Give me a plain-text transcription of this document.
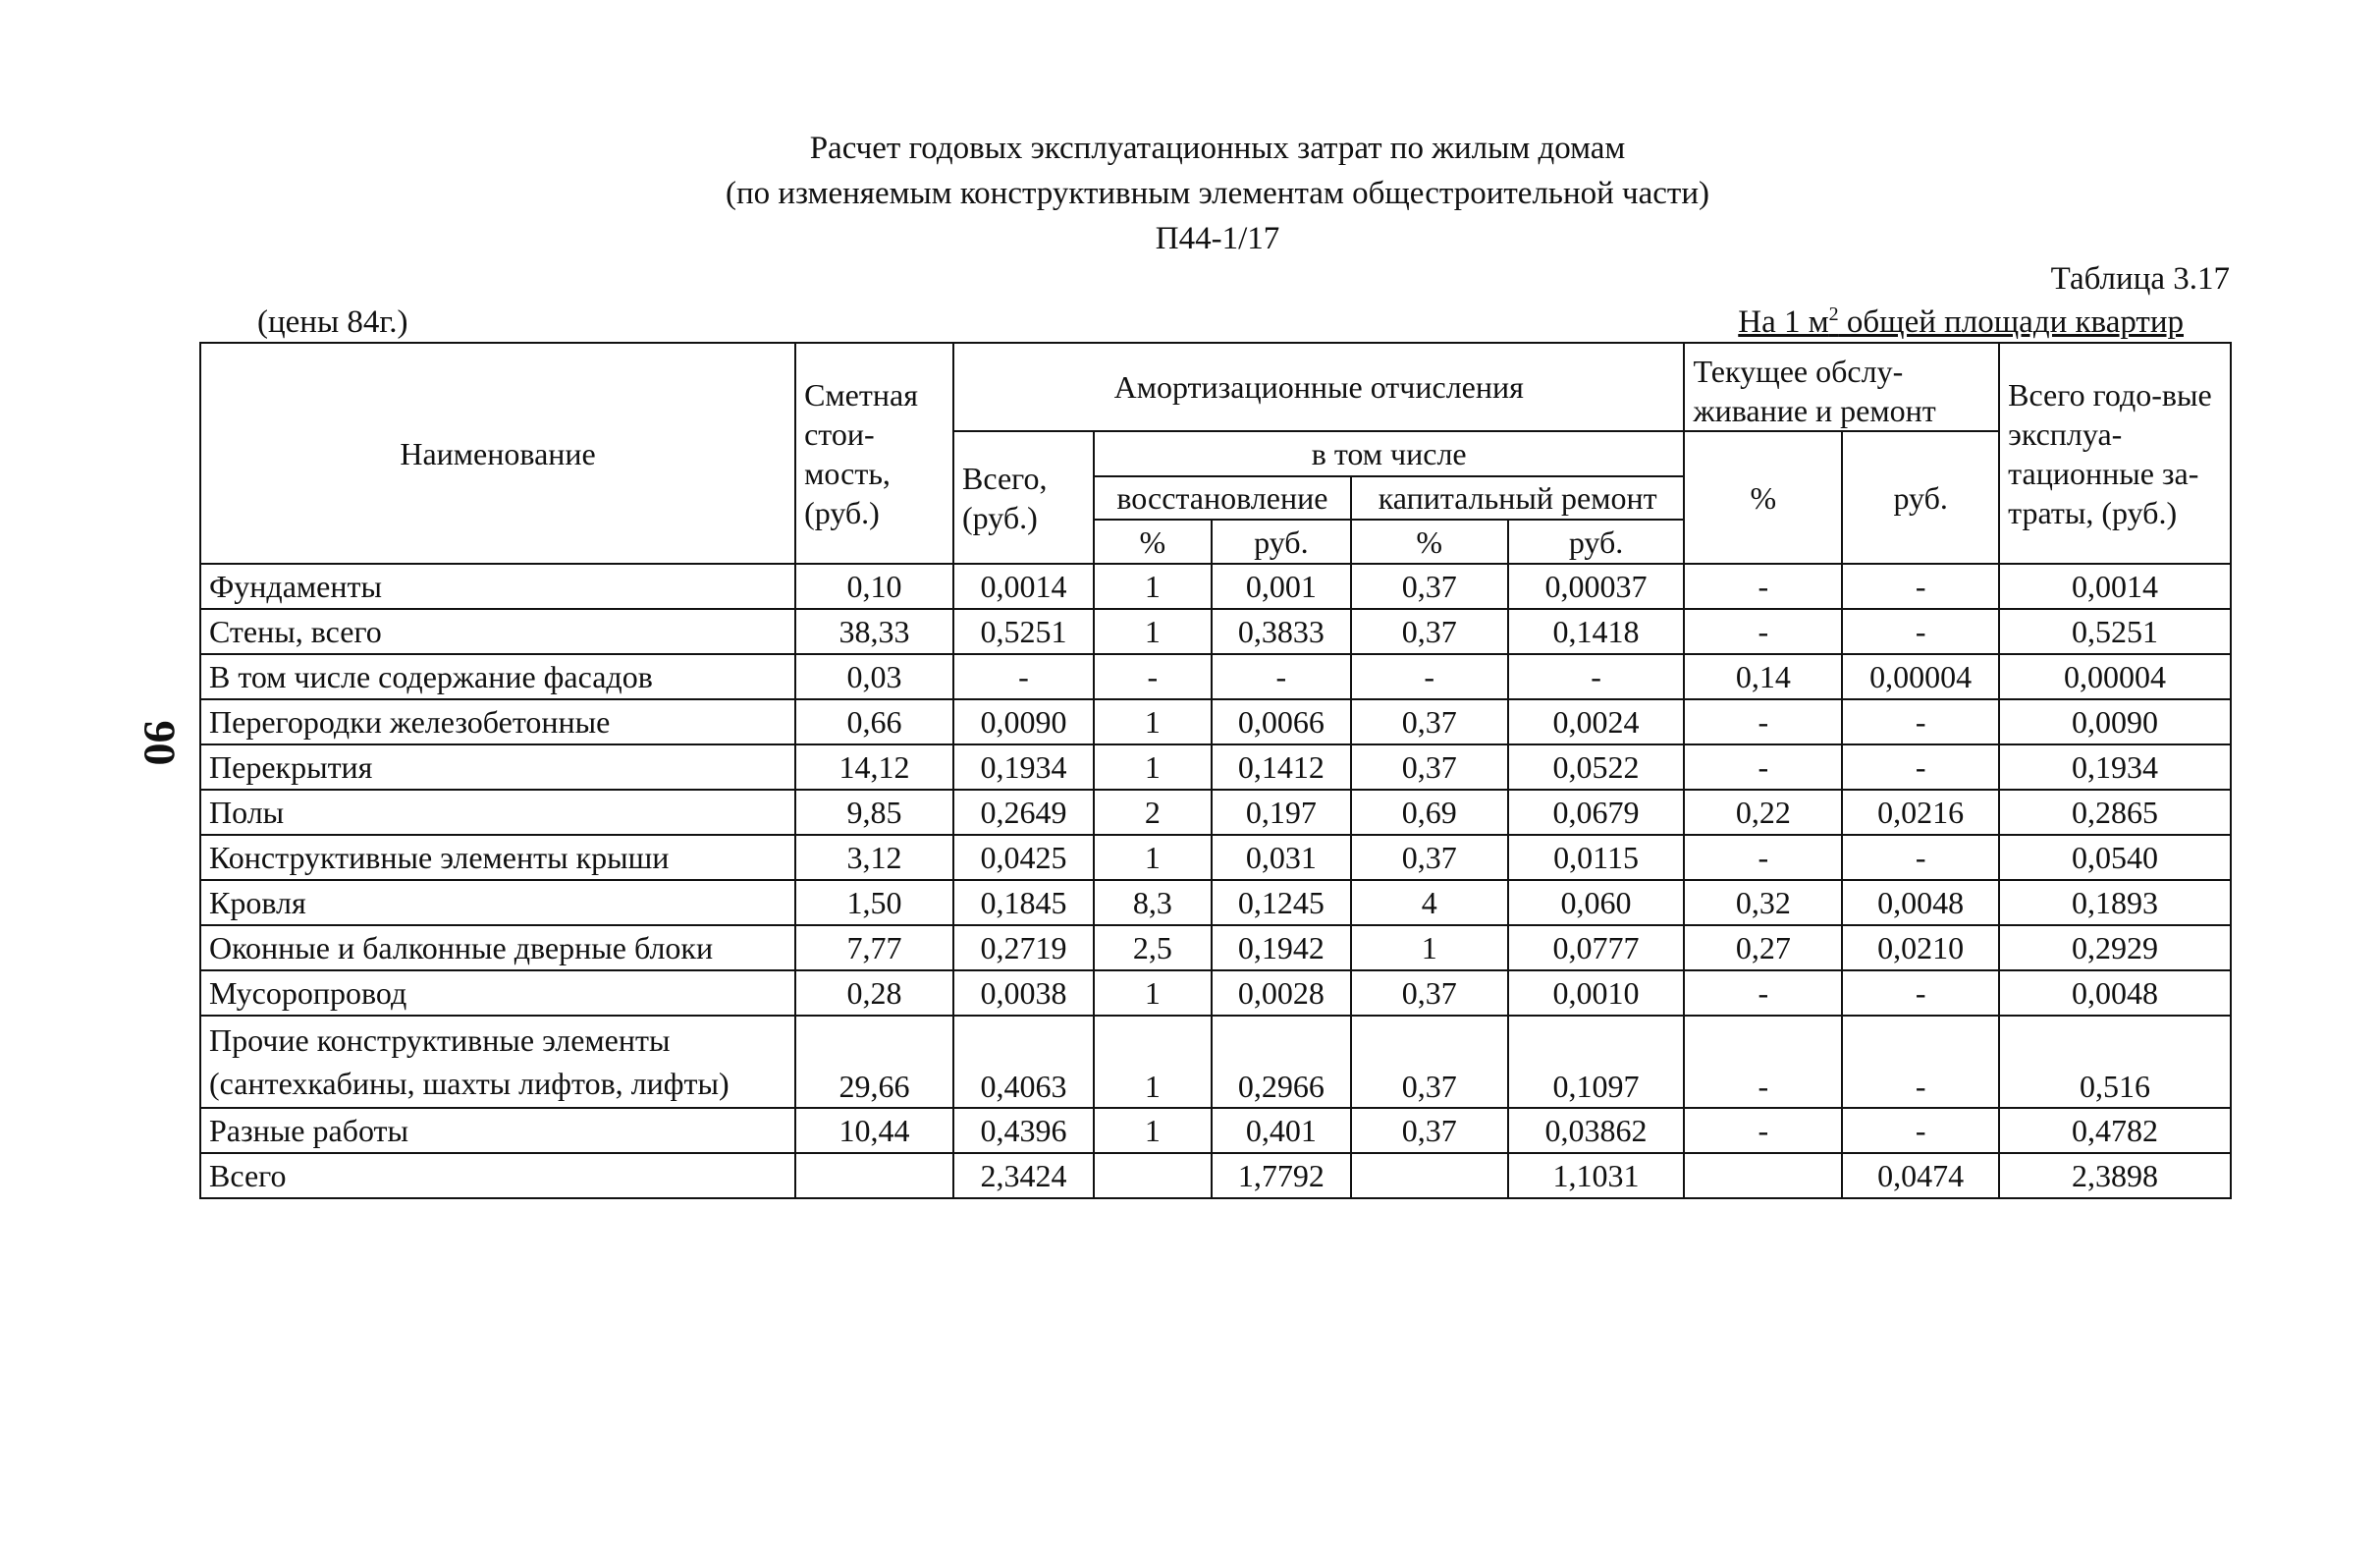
Расчет годовых эксплуатационных затрат по жилым домам
(по изменяемым конструктивным элементам общестроительной части)
П44-1/17
Таблица 3.17
(цены 84г.)	На 1 $м^2$ общей площади квартир
90
Наименование	Сметная стои-мость, (руб.)	Амортизационные отчисления					Текущее обслу-живание и ремонт		Всего годо-вые эксплуа-тационные за-траты, (руб.)
		Всего, (руб.)	в том числе				%	руб.	
			восстановление		капитальный ремонт				
			%	руб.	%	руб.			
Фундаменты	0,10	0,0014	1	0,001	0,37	0,00037	-	-	0,0014
Стены, всего	38,33	0,5251	1	0,3833	0,37	0,1418	-	-	0,5251
В том числе содержание фасадов	0,03	-	-	-	-	-	0,14	0,00004	0,00004
Перегородки железобетонные	0,66	0,0090	1	0,0066	0,37	0,0024	-	-	0,0090
Перекрытия	14,12	0,1934	1	0,1412	0,37	0,0522	-	-	0,1934
Полы	9,85	0,2649	2	0,197	0,69	0,0679	0,22	0,0216	0,2865
Конструктивные элементы крыши	3,12	0,0425	1	0,031	0,37	0,0115	-	-	0,0540
Кровля	1,50	0,1845	8,3	0,1245	4	0,060	0,32	0,0048	0,1893
Оконные и балконные дверные блоки	7,77	0,2719	2,5	0,1942	1	0,0777	0,27	0,0210	0,2929
Мусоропровод	0,28	0,0038	1	0,0028	0,37	0,0010	-	-	0,0048
Прочие конструктивные элементы (сантехкабины, шахты лифтов, лифты)	29,66	0,4063	1	0,2966	0,37	0,1097	-	-	0,516
Разные работы	10,44	0,4396	1	0,401	0,37	0,03862	-	-	0,4782
Всего		2,3424		1,7792		1,1031		0,0474	2,3898
